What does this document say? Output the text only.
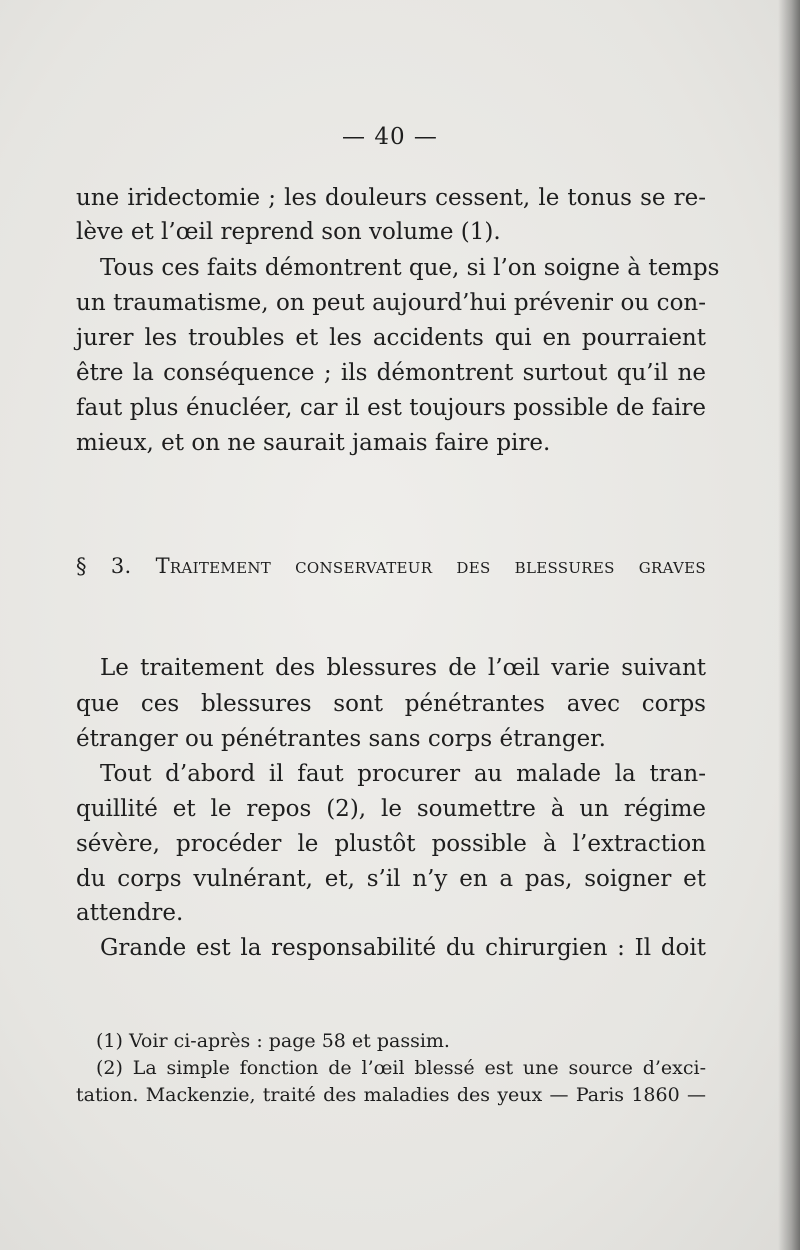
— 40 —
une iridectomie ; les douleurs cessent, le tonus se re-
lève et l’œil reprend son volume (1).
Tous ces faits démontrent que, si l’on soigne à temps
un traumatisme, on peut aujourd’hui prévenir ou con-
jurer les troubles et les accidents qui en pourraient
être la conséquence ; ils démontrent surtout qu’il ne
faut plus énucléer, car il est toujours possible de faire
mieux, et on ne saurait jamais faire pire.
§ 3. Traitement conservateur des blessures graves
Le traitement des blessures de l’œil varie suivant
que ces blessures sont pénétrantes avec corps
étranger ou pénétrantes sans corps étranger.
Tout d’abord il faut procurer au malade la tran-
quillité et le repos (2), le soumettre à un régime
sévère, procéder le plustôt possible à l’extraction
du corps vulnérant, et, s’il n’y en a pas, soigner et
attendre.
Grande est la responsabilité du chirurgien : Il doit
(1) Voir ci-après : page 58 et passim.
(2) La simple fonction de l’œil blessé est une source d’exci-
tation. Mackenzie, traité des maladies des yeux — Paris 1860 —
